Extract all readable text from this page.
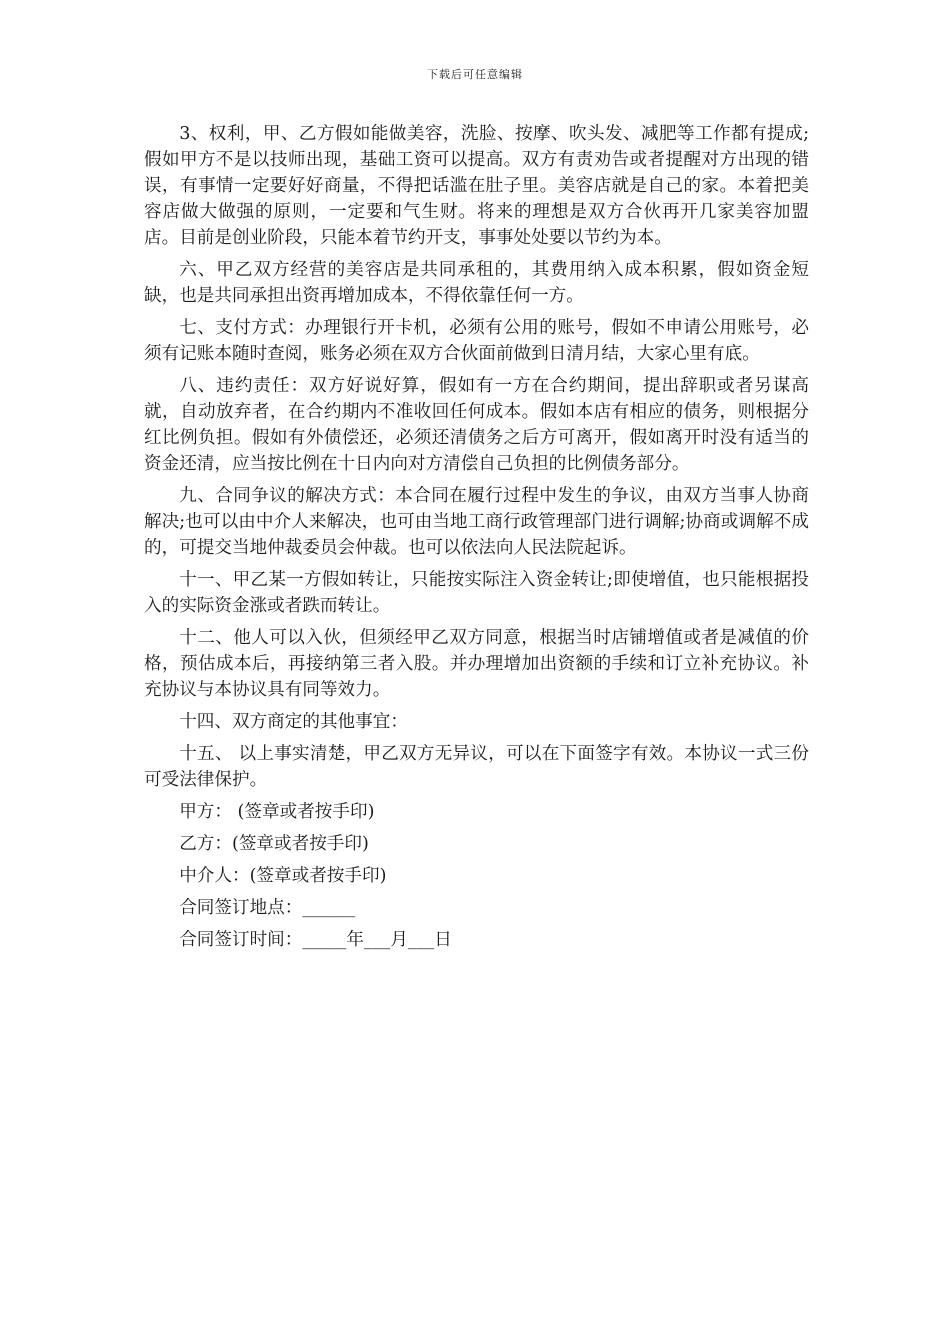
下载后可任意编辑

3、权利，甲、乙方假如能做美容，洗脸、按摩、吹头发、减肥等工作都有提成;假如甲方不是以技师出现，基础工资可以提高。双方有责劝告或者提醒对方出现的错误，有事情一定要好好商量，不得把话滥在肚子里。美容店就是自己的家。本着把美容店做大做强的原则，一定要和气生财。将来的理想是双方合伙再开几家美容加盟店。目前是创业阶段，只能本着节约开支，事事处处要以节约为本。

六、甲乙双方经营的美容店是共同承租的，其费用纳入成本积累，假如资金短缺，也是共同承担出资再增加成本，不得依靠任何一方。

七、支付方式：办理银行开卡机，必须有公用的账号，假如不申请公用账号，必须有记账本随时查阅，账务必须在双方合伙面前做到日清月结，大家心里有底。

八、违约责任：双方好说好算，假如有一方在合约期间，提出辞职或者另谋高就，自动放弃者，在合约期内不准收回任何成本。假如本店有相应的债务，则根据分红比例负担。假如有外债偿还，必须还清债务之后方可离开，假如离开时没有适当的资金还清，应当按比例在十日内向对方清偿自己负担的比例债务部分。

九、合同争议的解决方式：本合同在履行过程中发生的争议，由双方当事人协商解决;也可以由中介人来解决，也可由当地工商行政管理部门进行调解;协商或调解不成的，可提交当地仲裁委员会仲裁。也可以依法向人民法院起诉。

十一、甲乙某一方假如转让，只能按实际注入资金转让;即使增值，也只能根据投入的实际资金涨或者跌而转让。

十二、他人可以入伙，但须经甲乙双方同意，根据当时店铺增值或者是减值的价格，预估成本后，再接纳第三者入股。并办理增加出资额的手续和订立补充协议。补充协议与本协议具有同等效力。

十四、双方商定的其他事宜：

十五、 以上事实清楚，甲乙双方无异议，可以在下面签字有效。本协议一式三份可受法律保护。

甲方： (签章或者按手印)

乙方：(签章或者按手印)

中介人：(签章或者按手印)

合同签订地点：______

合同签订时间：_____年___月___日
